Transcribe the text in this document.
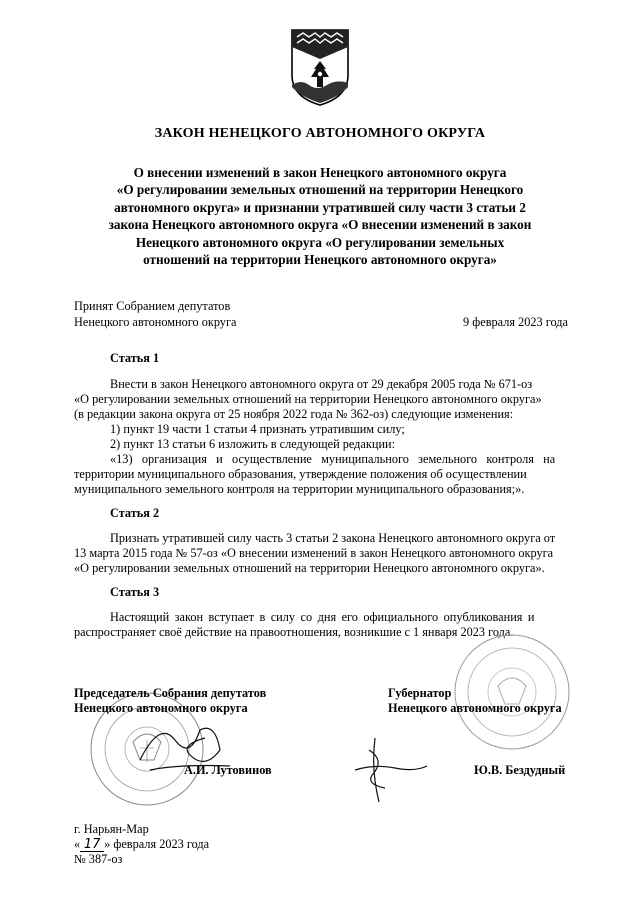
ЗАКОН НЕНЕЦКОГО АВТОНОМНОГО ОКРУГА
О внесении изменений в закон Ненецкого автономного округа
«О регулировании земельных отношений на территории Ненецкого
автономного округа» и признании утратившей силу части 3 статьи 2
закона Ненецкого автономного округа «О внесении изменений в закон
Ненецкого автономного округа «О регулировании земельных
отношений на территории Ненецкого автономного округа»
Принят Собранием депутатов
Ненецкого автономного округа	9 февраля 2023 года
Статья 1
Внести в закон Ненецкого автономного округа от 29 декабря 2005 года № 671-оз
«О регулировании земельных отношений на территории Ненецкого автономного округа»
(в редакции закона округа от 25 ноября 2022 года № 362-оз) следующие изменения:
1) пункт 19 части 1 статьи 4 признать утратившим силу;
2) пункт 13 статьи 6 изложить в следующей редакции:
«13) организация и осуществление муниципального земельного контроля на
территории муниципального образования, утверждение положения об осуществлении
муниципального земельного контроля на территории муниципального образования;».
Статья 2
Признать утратившей силу часть 3 статьи 2 закона Ненецкого автономного округа от
13 марта 2015 года № 57-оз «О внесении изменений в закон Ненецкого автономного округа
«О регулировании земельных отношений на территории Ненецкого автономного округа».
Статья 3
Настоящий закон вступает в силу со дня его официального опубликования и
распространяет своё действие на правоотношения, возникшие с 1 января 2023 года.
Председатель Собрания депутатов
Ненецкого автономного округа
А.И. Лутовинов
Губернатор
Ненецкого автономного округа
Ю.В. Бездудный
г. Нарьян-Мар
« 17 » февраля 2023 года
№ 387-оз
